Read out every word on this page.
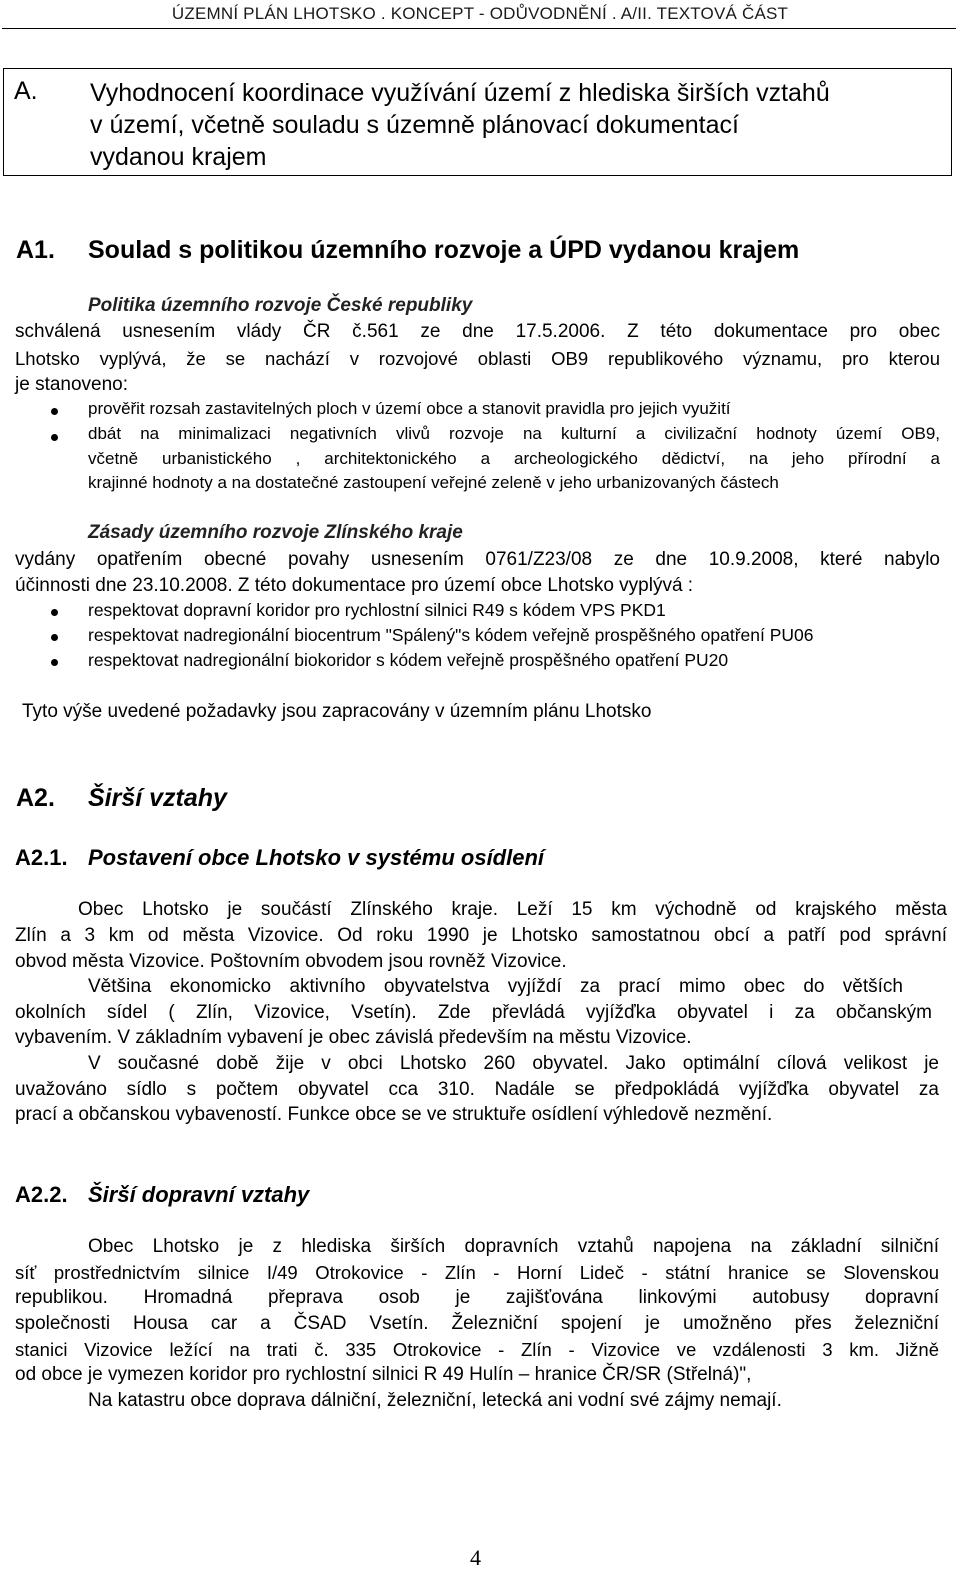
ÚZEMNÍ PLÁN LHOTSKO . KONCEPT - ODŮVODNĚNÍ . A/II. TEXTOVÁ ČÁST
A. Vyhodnocení koordinace využívání území z hlediska širších vztahů
v území, včetně souladu s územně plánovací dokumentací
vydanou krajem
A1. Soulad s politikou územního rozvoje a ÚPD vydanou krajem
Politika územního rozvoje České republiky
schválená usnesením vlády ČR č.561 ze dne 17.5.2006. Z této dokumentace pro obec
Lhotsko vyplývá, že se nachází v rozvojové oblasti OB9 republikového významu, pro kterou
je stanoveno:
prověřit rozsah zastavitelných ploch v území obce a stanovit pravidla pro jejich využití
dbát na minimalizaci negativních vlivů rozvoje na kulturní a civilizační hodnoty území OB9,
včetně urbanistického , architektonického a archeologického dědictví, na jeho přírodní a
krajinné hodnoty a na dostatečné zastoupení veřejné zeleně v jeho urbanizovaných částech
Zásady územního rozvoje Zlínského kraje
vydány opatřením obecné povahy usnesením 0761/Z23/08 ze dne 10.9.2008, které nabylo
účinnosti dne 23.10.2008. Z této dokumentace pro území obce Lhotsko vyplývá :
respektovat dopravní koridor pro rychlostní silnici R49 s kódem VPS PKD1
respektovat nadregionální biocentrum "Spálený"s kódem veřejně prospěšného opatření PU06
respektovat nadregionální biokoridor s kódem veřejně prospěšného opatření PU20
Tyto výše uvedené požadavky jsou zapracovány v územním plánu Lhotsko
A2. Širší vztahy
A2.1. Postavení obce Lhotsko v systému osídlení
Obec Lhotsko je součástí Zlínského kraje. Leží 15 km východně od krajského města
Zlín a 3 km od města Vizovice. Od roku 1990 je Lhotsko samostatnou obcí a patří pod správní
obvod města Vizovice. Poštovním obvodem jsou rovněž Vizovice.
Většina ekonomicko aktivního obyvatelstva vyjíždí za prací mimo obec do větších
okolních sídel ( Zlín, Vizovice, Vsetín). Zde převládá vyjížďka obyvatel i za občanským
vybavením. V základním vybavení je obec závislá především na městu Vizovice.
V současné době žije v obci Lhotsko 260 obyvatel. Jako optimální cílová velikost je
uvažováno sídlo s počtem obyvatel cca 310. Nadále se předpokládá vyjížďka obyvatel za
prací a občanskou vybaveností. Funkce obce se ve struktuře osídlení výhledově nezmění.
A2.2. Širší dopravní vztahy
Obec Lhotsko je z hlediska širších dopravních vztahů napojena na základní silniční
síť prostřednictvím silnice I/49 Otrokovice - Zlín - Horní Lideč - státní hranice se Slovenskou
republikou. Hromadná přeprava osob je zajišťována linkovými autobusy dopravní
společnosti Housa car a ČSAD Vsetín. Železniční spojení je umožněno přes železniční
stanici Vizovice ležící na trati č. 335 Otrokovice - Zlín - Vizovice ve vzdálenosti 3 km. Jižně
od obce je vymezen koridor pro rychlostní silnici R 49 Hulín – hranice ČR/SR (Střelná)",
Na katastru obce doprava dálniční, železniční, letecká ani vodní své zájmy nemají.
4
